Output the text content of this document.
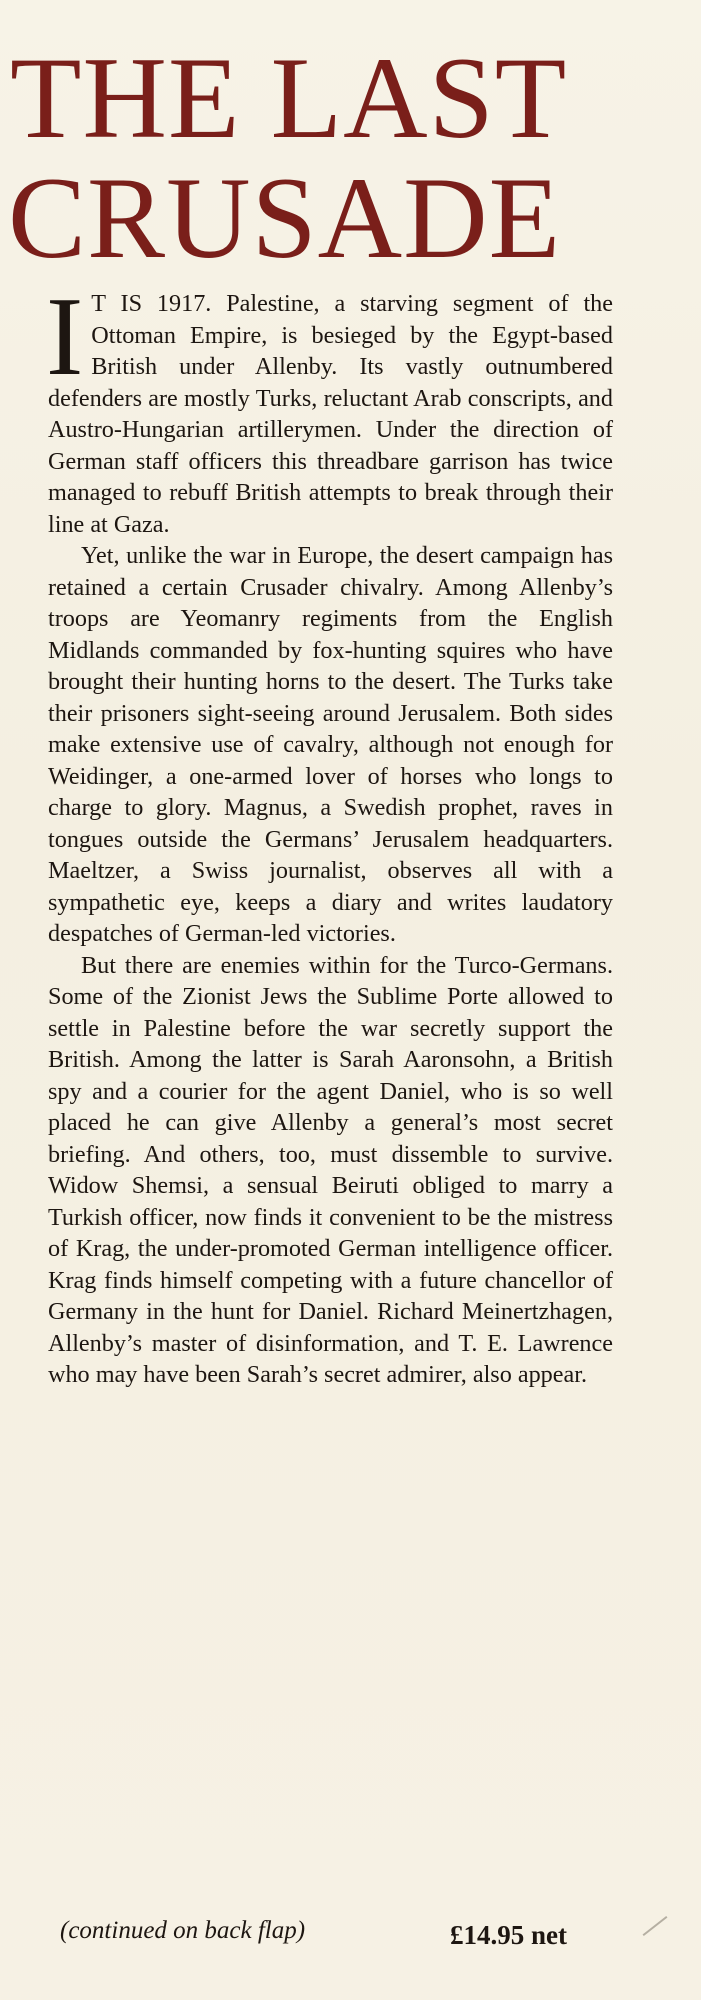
THE LAST
CRUSADE

I T IS 1917. Palestine, a starving segment of the Ottoman Empire, is besieged by the Egypt-based British under Allenby. Its vastly outnumbered defenders are mostly Turks, reluctant Arab conscripts, and Austro-Hungarian artillerymen. Under the direction of German staff officers this threadbare garrison has twice managed to rebuff British attempts to break through their line at Gaza.

Yet, unlike the war in Europe, the desert campaign has retained a certain Crusader chivalry. Among Allenby’s troops are Yeomanry regiments from the English Midlands commanded by fox-hunting squires who have brought their hunting horns to the desert. The Turks take their prisoners sight-seeing around Jerusalem. Both sides make extensive use of cavalry, although not enough for Weidinger, a one-armed lover of horses who longs to charge to glory. Magnus, a Swedish prophet, raves in tongues outside the Germans’ Jerusalem headquarters. Maeltzer, a Swiss journalist, observes all with a sympathetic eye, keeps a diary and writes laudatory despatches of German-led victories.

But there are enemies within for the Turco-Germans. Some of the Zionist Jews the Sublime Porte allowed to settle in Palestine before the war secretly support the British. Among the latter is Sarah Aaronsohn, a British spy and a courier for the agent Daniel, who is so well placed he can give Allenby a general’s most secret briefing. And others, too, must dissemble to survive. Widow Shemsi, a sensual Beiruti obliged to marry a Turkish officer, now finds it convenient to be the mistress of Krag, the under-promoted German intelligence officer. Krag finds himself competing with a future chancellor of Germany in the hunt for Daniel. Richard Meinertzhagen, Allenby’s master of disinformation, and T. E. Lawrence who may have been Sarah’s secret admirer, also appear.

(continued on back flap)	£14.95 net
